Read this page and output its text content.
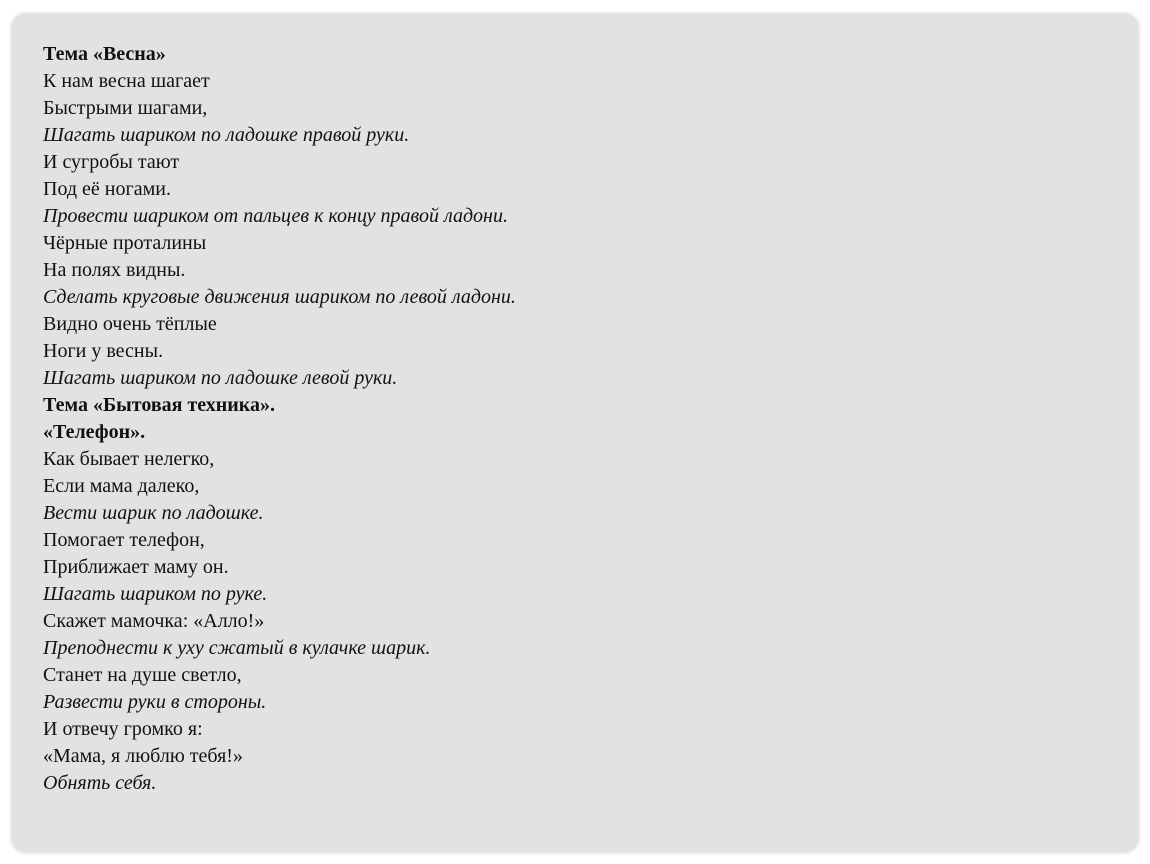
Тема «Весна»
К нам весна шагает
Быстрыми шагами,
Шагать шариком по ладошке правой руки.
И сугробы тают
Под её ногами.
Провести шариком от пальцев к концу правой ладони.
Чёрные проталины
На полях видны.
Сделать круговые движения шариком по левой ладони.
Видно очень тёплые
Ноги у весны.
Шагать шариком по ладошке левой руки.
Тема «Бытовая техника».
«Телефон».
Как бывает нелегко,
Если мама далеко,
Вести шарик по ладошке.
Помогает телефон,
Приближает маму он.
Шагать шариком по руке.
Скажет мамочка: «Алло!»
Преподнести к уху сжатый в кулачке шарик.
Станет на душе светло,
Развести руки в стороны.
И отвечу громко я:
«Мама, я люблю тебя!»
Обнять себя.
